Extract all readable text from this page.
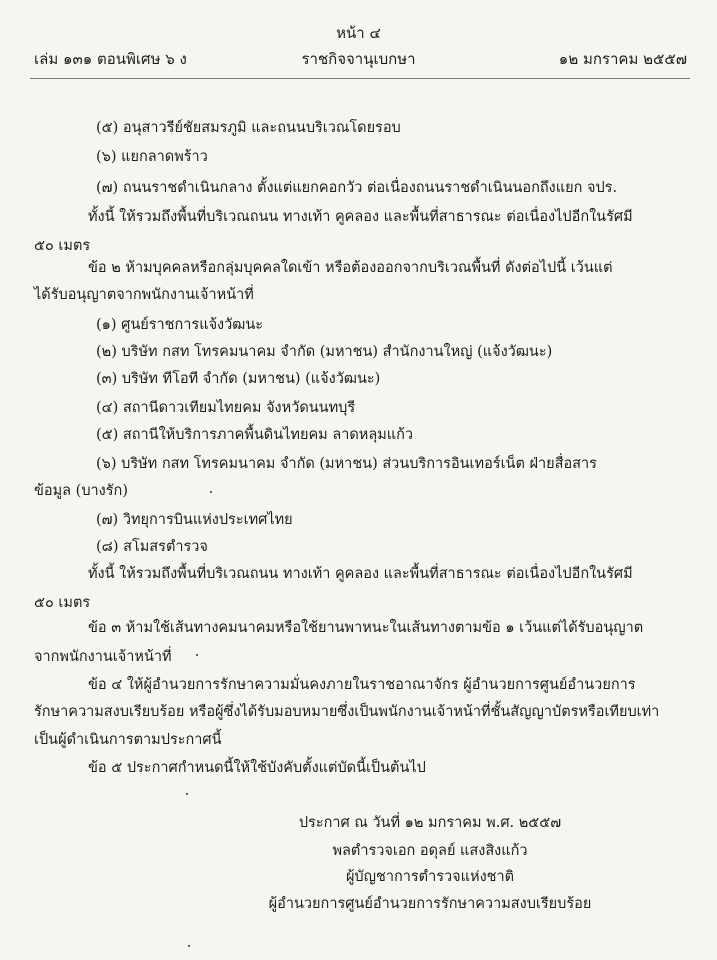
หน้า ๔
เล่ม ๑๓๑ ตอนพิเศษ ๖ ง	ราชกิจจานุเบกษา	๑๒ มกราคม ๒๕๕๗
(๕) อนุสาวรีย์ชัยสมรภูมิ และถนนบริเวณโดยรอบ
(๖) แยกลาดพร้าว
(๗) ถนนราชดำเนินกลาง ตั้งแต่แยกคอกวัว ต่อเนื่องถนนราชดำเนินนอกถึงแยก จปร.
ทั้งนี้ ให้รวมถึงพื้นที่บริเวณถนน ทางเท้า คูคลอง และพื้นที่สาธารณะ ต่อเนื่องไปอีกในรัศมี
๕๐ เมตร
ข้อ ๒ ห้ามบุคคลหรือกลุ่มบุคคลใดเข้า หรือต้องออกจากบริเวณพื้นที่ ดังต่อไปนี้ เว้นแต่
ได้รับอนุญาตจากพนักงานเจ้าหน้าที่
(๑) ศูนย์ราชการแจ้งวัฒนะ
(๒) บริษัท กสท โทรคมนาคม จำกัด (มหาชน) สำนักงานใหญ่ (แจ้งวัฒนะ)
(๓) บริษัท ทีโอที จำกัด (มหาชน) (แจ้งวัฒนะ)
(๔) สถานีดาวเทียมไทยคม จังหวัดนนทบุรี
(๕) สถานีให้บริการภาคพื้นดินไทยคม ลาดหลุมแก้ว
(๖) บริษัท กสท โทรคมนาคม จำกัด (มหาชน) ส่วนบริการอินเทอร์เน็ต ฝ่ายสื่อสาร
ข้อมูล (บางรัก)
(๗) วิทยุการบินแห่งประเทศไทย
(๘) สโมสรตำรวจ
ทั้งนี้ ให้รวมถึงพื้นที่บริเวณถนน ทางเท้า คูคลอง และพื้นที่สาธารณะ ต่อเนื่องไปอีกในรัศมี
๕๐ เมตร
ข้อ ๓ ห้ามใช้เส้นทางคมนาคมหรือใช้ยานพาหนะในเส้นทางตามข้อ ๑ เว้นแต่ได้รับอนุญาต
จากพนักงานเจ้าหน้าที่
ข้อ ๔ ให้ผู้อำนวยการรักษาความมั่นคงภายในราชอาณาจักร ผู้อำนวยการศูนย์อำนวยการ
รักษาความสงบเรียบร้อย หรือผู้ซึ่งได้รับมอบหมายซึ่งเป็นพนักงานเจ้าหน้าที่ชั้นสัญญาบัตรหรือเทียบเท่า
เป็นผู้ดำเนินการตามประกาศนี้
ข้อ ๕ ประกาศกำหนดนี้ให้ใช้บังคับตั้งแต่บัดนี้เป็นต้นไป
ประกาศ ณ วันที่ ๑๒ มกราคม พ.ศ. ๒๕๕๗
พลตำรวจเอก อดุลย์ แสงสิงแก้ว
ผู้บัญชาการตำรวจแห่งชาติ
ผู้อำนวยการศูนย์อำนวยการรักษาความสงบเรียบร้อย
